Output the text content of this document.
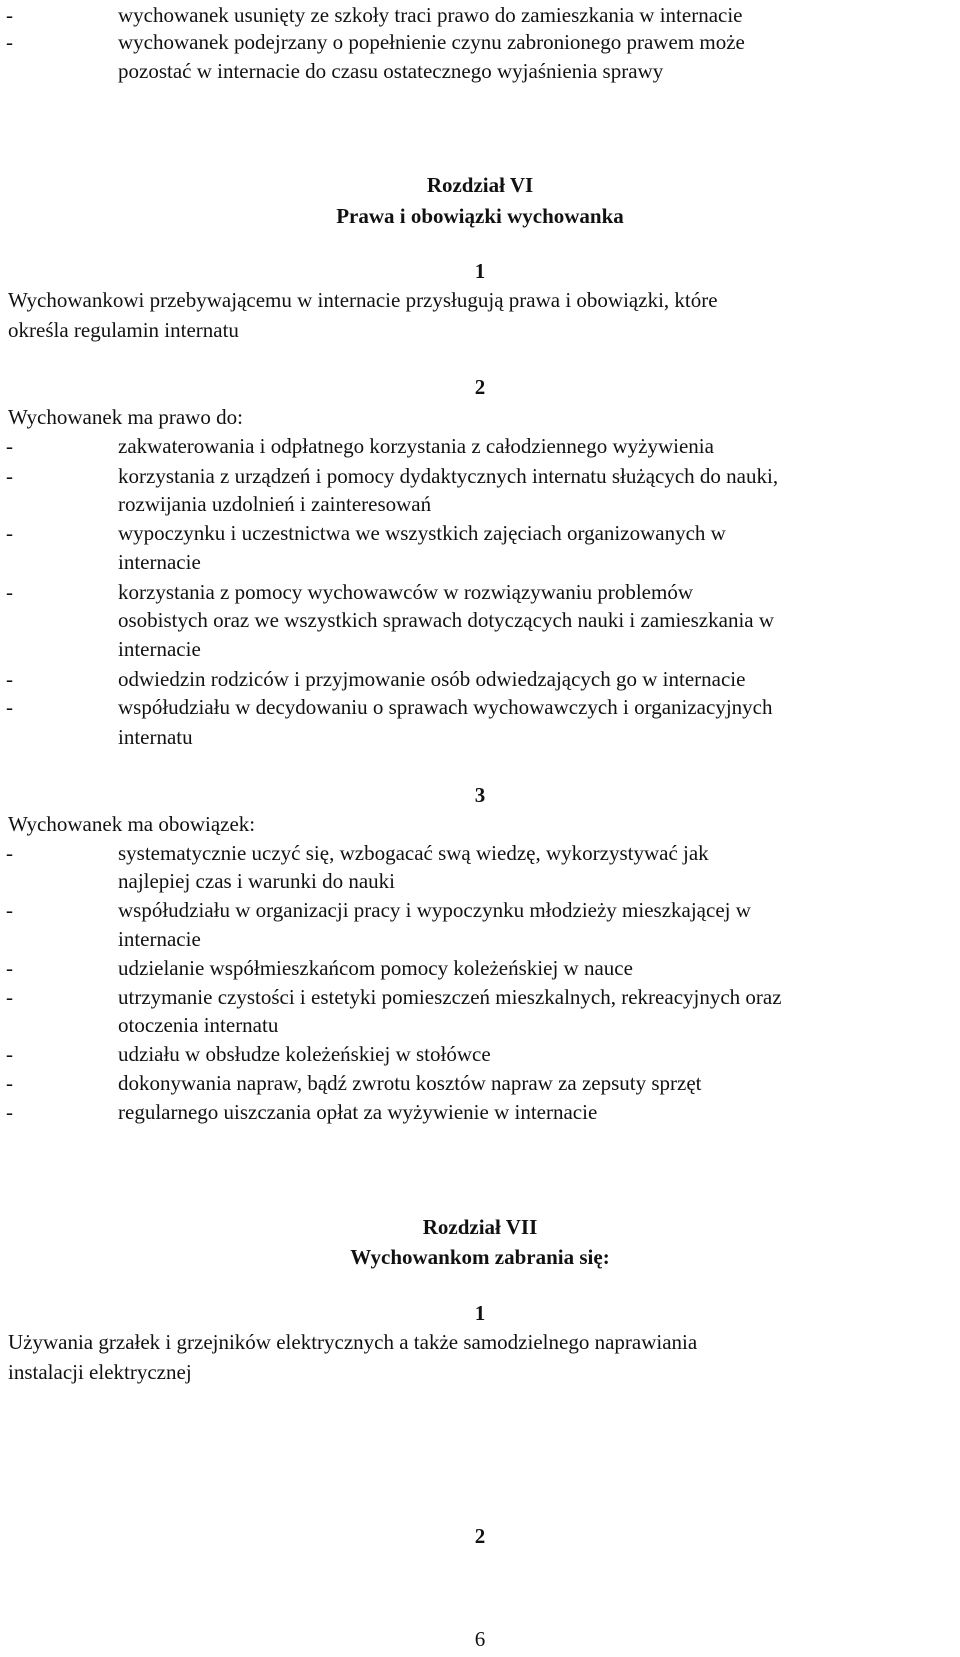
-	wychowanek usunięty ze szkoły traci prawo do zamieszkania w internacie
-	wychowanek podejrzany o popełnienie czynu zabronionego prawem może
pozostać w internacie do czasu ostatecznego wyjaśnienia sprawy
Rozdział VI
Prawa i obowiązki wychowanka
1
Wychowankowi przebywającemu w internacie przysługują prawa i obowiązki, które
określa regulamin internatu
2
Wychowanek ma prawo do:
-	zakwaterowania i odpłatnego korzystania z całodziennego wyżywienia
-	korzystania z urządzeń i pomocy dydaktycznych internatu służących do nauki,
rozwijania uzdolnień i zainteresowań
-	wypoczynku i uczestnictwa we wszystkich zajęciach organizowanych w
internacie
-	korzystania z pomocy wychowawców w rozwiązywaniu problemów
osobistych oraz we wszystkich sprawach dotyczących nauki i zamieszkania w
internacie
-	odwiedzin rodziców i przyjmowanie osób odwiedzających go w internacie
-	współudziału w decydowaniu o sprawach wychowawczych i organizacyjnych
internatu
3
Wychowanek ma obowiązek:
-	systematycznie uczyć się, wzbogacać swą wiedzę, wykorzystywać jak
najlepiej czas i warunki do nauki
-	współudziału w organizacji pracy i wypoczynku młodzieży mieszkającej w
internacie
-	udzielanie współmieszkańcom pomocy koleżeńskiej w nauce
-	utrzymanie czystości i estetyki pomieszczeń mieszkalnych, rekreacyjnych oraz
otoczenia internatu
-	udziału w obsłudze koleżeńskiej w stołówce
-	dokonywania napraw, bądź zwrotu kosztów napraw za zepsuty sprzęt
-	regularnego uiszczania opłat za wyżywienie w internacie
Rozdział VII
Wychowankom zabrania się:
1
Używania grzałek i grzejników elektrycznych a także samodzielnego naprawiania
instalacji elektrycznej
2
6
